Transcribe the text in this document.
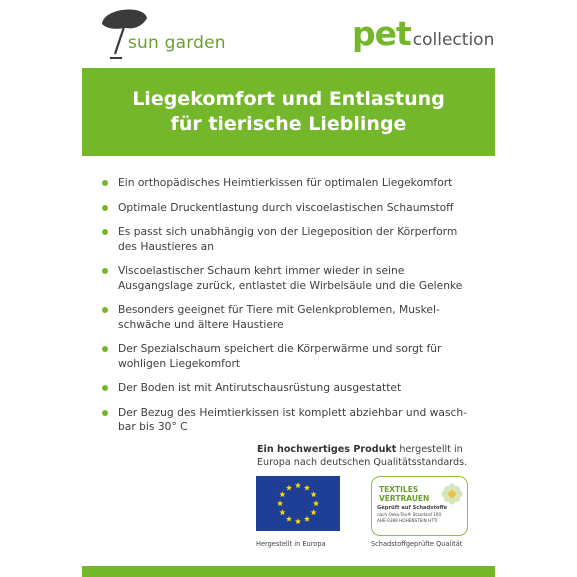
sun garden	pet collection
Liegekomfort und Entlastung
für tierische Lieblinge
Ein orthopädisches Heimtierkissen für optimalen Liegekomfort
Optimale Druckentlastung durch viscoelastischen Schaumstoff
Es passt sich unabhängig von der Liegeposition der Körperform
des Haustieres an
Viscoelastischer Schaum kehrt immer wieder in seine
Ausgangslage zurück, entlastet die Wirbelsäule und die Gelenke
Besonders geeignet für Tiere mit Gelenkproblemen, Muskel-
schwäche und ältere Haustiere
Der Spezialschaum speichert die Körperwärme und sorgt für
wohligen Liegekomfort
Der Boden ist mit Antirutschausrüstung ausgestattet
Der Bezug des Heimtierkissen ist komplett abziehbar und wasch-
bar bis 30° C
Ein hochwertiges Produkt hergestellt in
Europa nach deutschen Qualitätsstandards.
Hergestellt in Europa
TEXTILES
VERTRAUEN
Geprüft auf Schadstoffe
nach Oeko-Tex® Standard 100
AHE-0389 HOHENSTEIN HTTI
Schadstoffgeprüfte Qualität
